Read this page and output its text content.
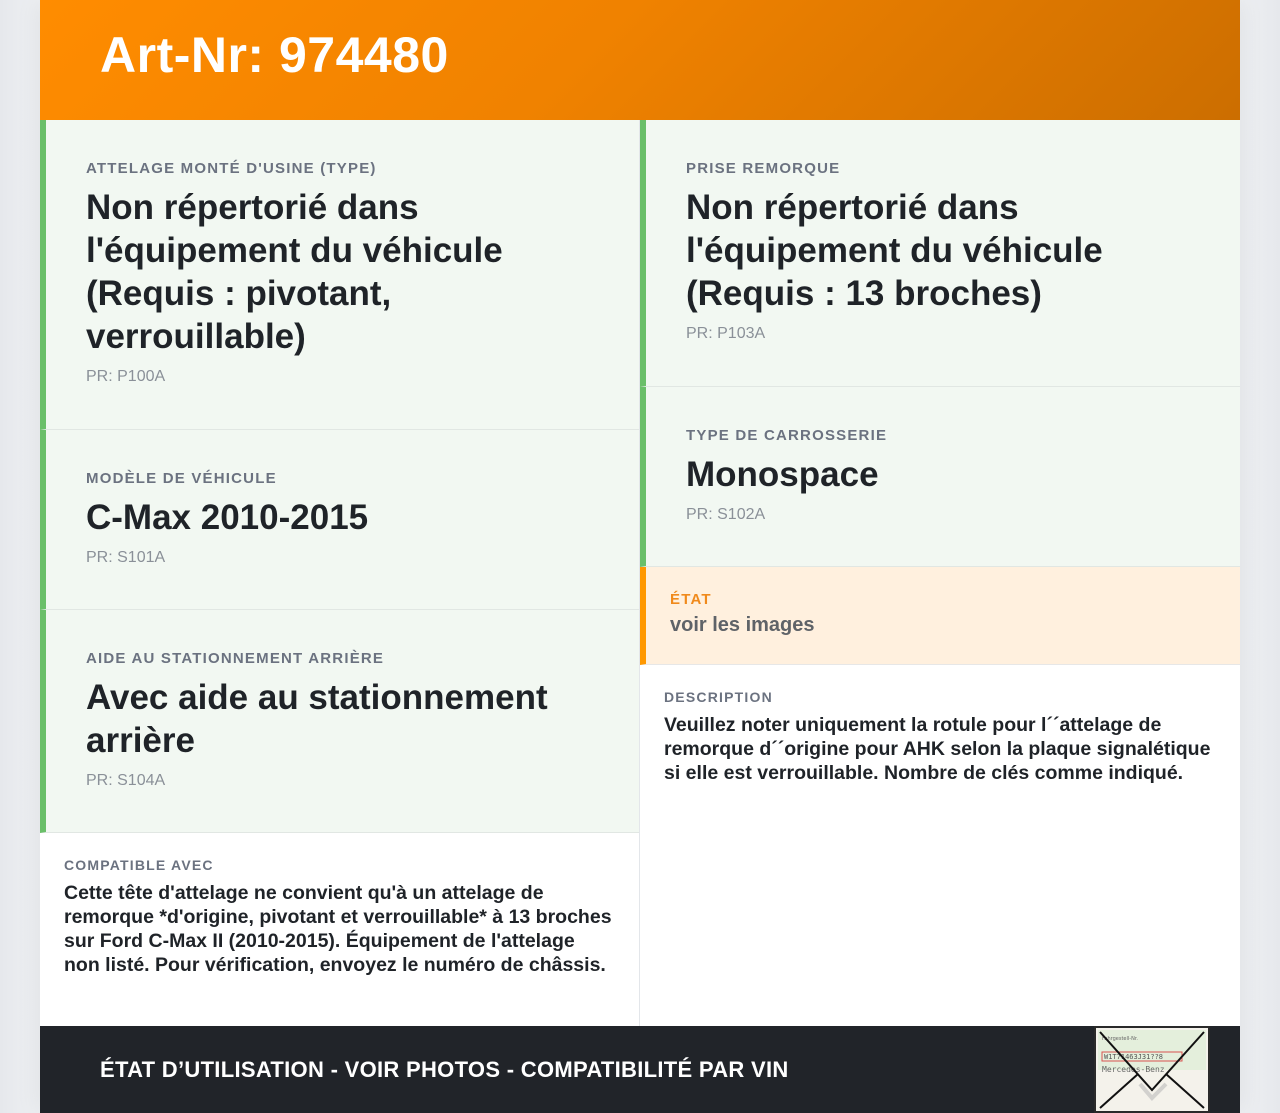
Art-Nr: 974480
ATTELAGE MONTÉ D'USINE (TYPE)
Non répertorié dans l'équipement du véhicule (Requis : pivotant, verrouillable)
PR: P100A
MODÈLE DE VÉHICULE
C-Max 2010-2015
PR: S101A
AIDE AU STATIONNEMENT ARRIÈRE
Avec aide au stationnement arrière
PR: S104A
COMPATIBLE AVEC

Cette tête d'attelage ne convient qu'à un attelage de remorque *d'origine, pivotant et verrouillable* à 13 broches sur Ford C-Max II (2010-2015). Équipement de l'attelage non listé. Pour vérification, envoyez le numéro de châssis.

PRISE REMORQUE
Non répertorié dans l'équipement du véhicule (Requis : 13 broches)
PR: P103A
TYPE DE CARROSSERIE
Monospace
PR: S102A
ÉTAT
voir les images
DESCRIPTION

Veuillez noter uniquement la rotule pour l´´attelage de remorque d´´origine pour AHK selon la plaque signalétique si elle est verrouillable. Nombre de clés comme indiqué.

ÉTAT D’UTILISATION - VOIR PHOTOS - COMPATIBILITÉ PAR VIN
Fahrgestell-Nr.
W1T71463J31??8
Mercedes-Benz
